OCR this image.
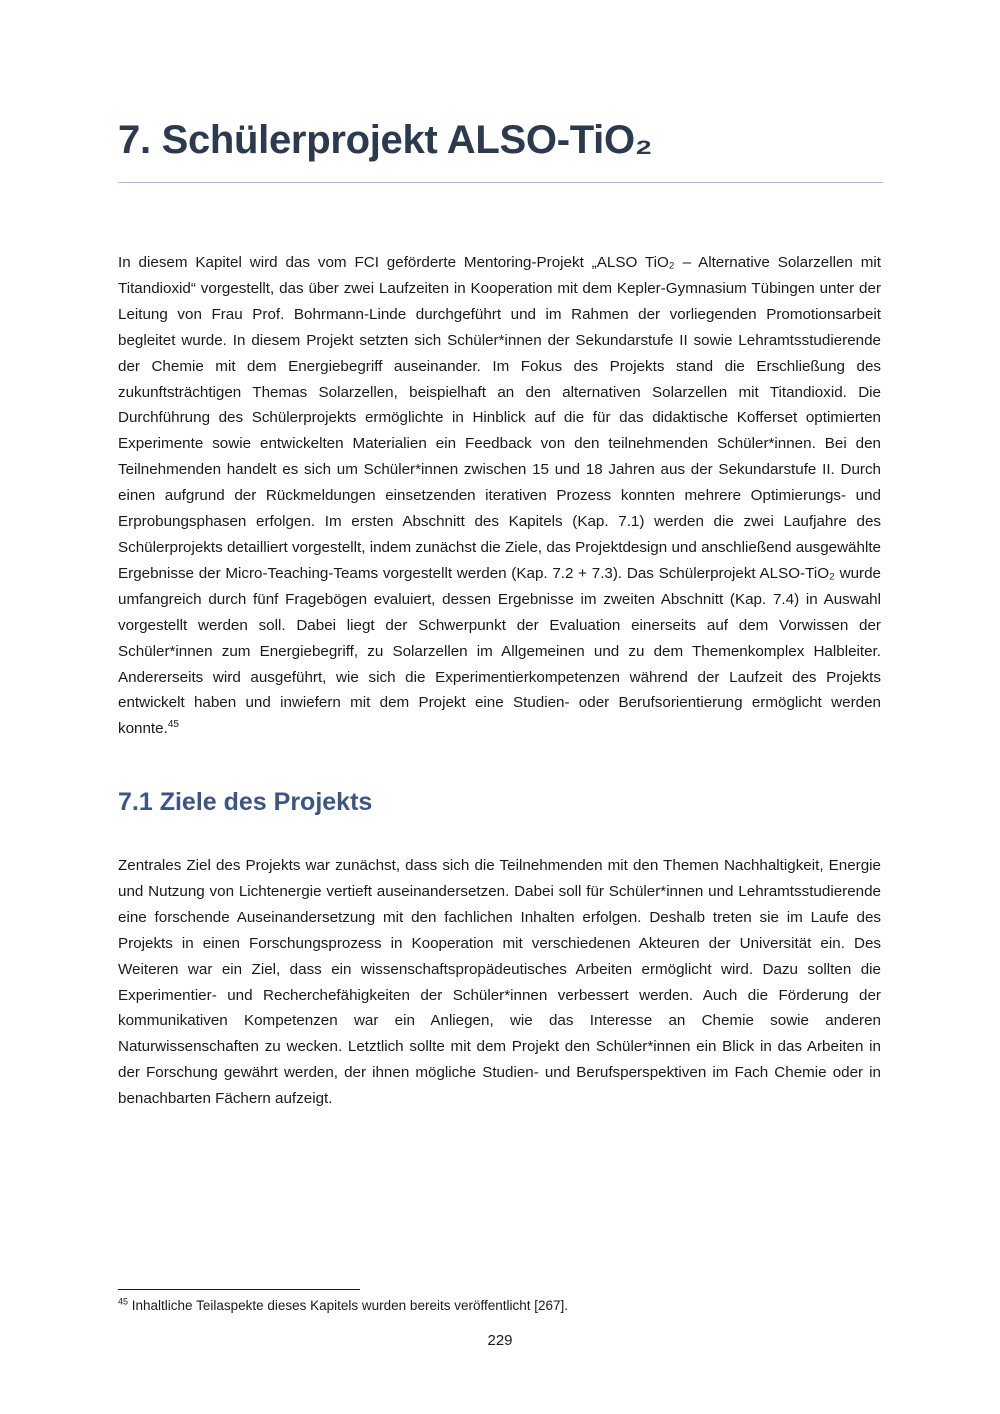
7. Schülerprojekt ALSO-TiO₂

In diesem Kapitel wird das vom FCI geförderte Mentoring-Projekt „ALSO TiO₂ – Alternative Solarzellen mit Titandioxid“ vorgestellt, das über zwei Laufzeiten in Kooperation mit dem Kepler-Gymnasium Tübingen unter der Leitung von Frau Prof. Bohrmann-Linde durchgeführt und im Rahmen der vorliegenden Promotionsarbeit begleitet wurde. In diesem Projekt setzten sich Schüler*innen der Sekundarstufe II sowie Lehramtsstudierende der Chemie mit dem Energiebegriff auseinander. Im Fokus des Projekts stand die Erschließung des zukunftsträchtigen Themas Solarzellen, beispielhaft an den alternativen Solarzellen mit Titandioxid. Die Durchführung des Schülerprojekts ermöglichte in Hinblick auf die für das didaktische Kofferset optimierten Experimente sowie entwickelten Materialien ein Feedback von den teilnehmenden Schüler*innen. Bei den Teilnehmenden handelt es sich um Schüler*innen zwischen 15 und 18 Jahren aus der Sekundarstufe II. Durch einen aufgrund der Rückmeldungen einsetzenden iterativen Prozess konnten mehrere Optimierungs- und Erprobungsphasen erfolgen. Im ersten Abschnitt des Kapitels (Kap. 7.1) werden die zwei Laufjahre des Schülerprojekts detailliert vorgestellt, indem zunächst die Ziele, das Projektdesign und anschließend ausgewählte Ergebnisse der Micro-Teaching-Teams vorgestellt werden (Kap. 7.2 + 7.3). Das Schülerprojekt ALSO-TiO₂ wurde umfangreich durch fünf Fragebögen evaluiert, dessen Ergebnisse im zweiten Abschnitt (Kap. 7.4) in Auswahl vorgestellt werden soll. Dabei liegt der Schwerpunkt der Evaluation einerseits auf dem Vorwissen der Schüler*innen zum Energiebegriff, zu Solarzellen im Allgemeinen und zu dem Themenkomplex Halbleiter. Andererseits wird ausgeführt, wie sich die Experimentierkompetenzen während der Laufzeit des Projekts entwickelt haben und inwiefern mit dem Projekt eine Studien- oder Berufsorientierung ermöglicht werden konnte.$^{45}$

7.1 Ziele des Projekts

Zentrales Ziel des Projekts war zunächst, dass sich die Teilnehmenden mit den Themen Nachhaltigkeit, Energie und Nutzung von Lichtenergie vertieft auseinandersetzen. Dabei soll für Schüler*innen und Lehramtsstudierende eine forschende Auseinandersetzung mit den fachlichen Inhalten erfolgen. Deshalb treten sie im Laufe des Projekts in einen Forschungsprozess in Kooperation mit verschiedenen Akteuren der Universität ein. Des Weiteren war ein Ziel, dass ein wissenschaftspropädeutisches Arbeiten ermöglicht wird. Dazu sollten die Experimentier- und Recherchefähigkeiten der Schüler*innen verbessert werden. Auch die Förderung der kommunikativen Kompetenzen war ein Anliegen, wie das Interesse an Chemie sowie anderen Naturwissenschaften zu wecken. Letztlich sollte mit dem Projekt den Schüler*innen ein Blick in das Arbeiten in der Forschung gewährt werden, der ihnen mögliche Studien- und Berufsperspektiven im Fach Chemie oder in benachbarten Fächern aufzeigt.

$^{45}$ Inhaltliche Teilaspekte dieses Kapitels wurden bereits veröffentlicht [267].
229
